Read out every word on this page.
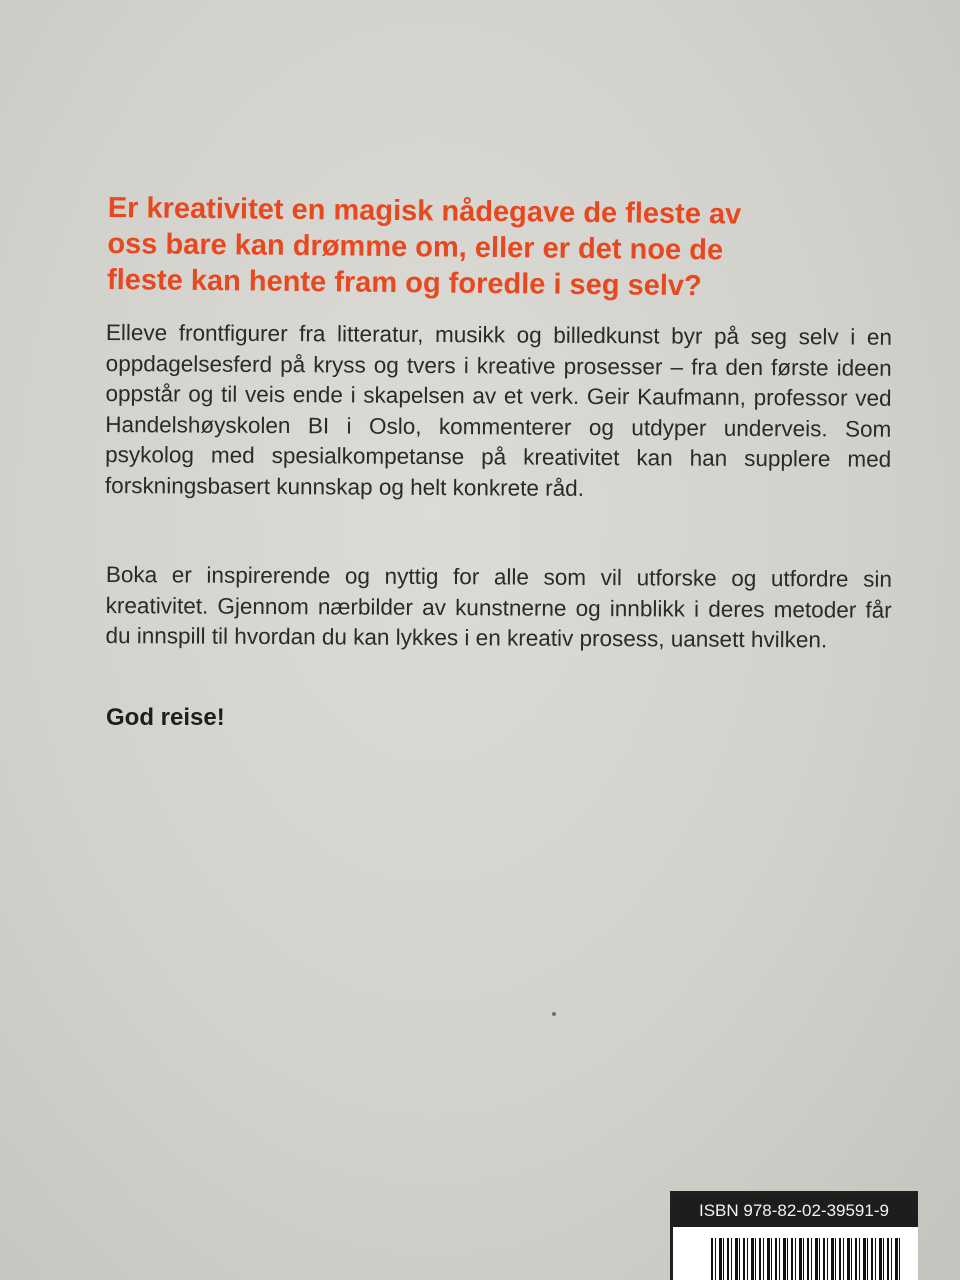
Er kreativitet en magisk nådegave de fleste av
oss bare kan drømme om, eller er det noe de
fleste kan hente fram og foredle i seg selv?

Elleve frontfigurer fra litteratur, musikk og billedkunst byr på seg selv i en oppdagelsesferd på kryss og tvers i kreative prosesser – fra den første ideen oppstår og til veis ende i skapelsen av et verk. Geir Kaufmann, professor ved Handelshøyskolen BI i Oslo, kommenterer og utdyper underveis. Som psykolog med spesialkompetanse på kreativitet kan han supplere med forskningsbasert kunnskap og helt konkrete råd.

Boka er inspirerende og nyttig for alle som vil utforske og utfordre sin kreativitet. Gjennom nærbilder av kunstnerne og innblikk i deres metoder får du innspill til hvordan du kan lykkes i en kreativ prosess, uansett hvilken.

God reise!

ISBN 978-82-02-39591-9
